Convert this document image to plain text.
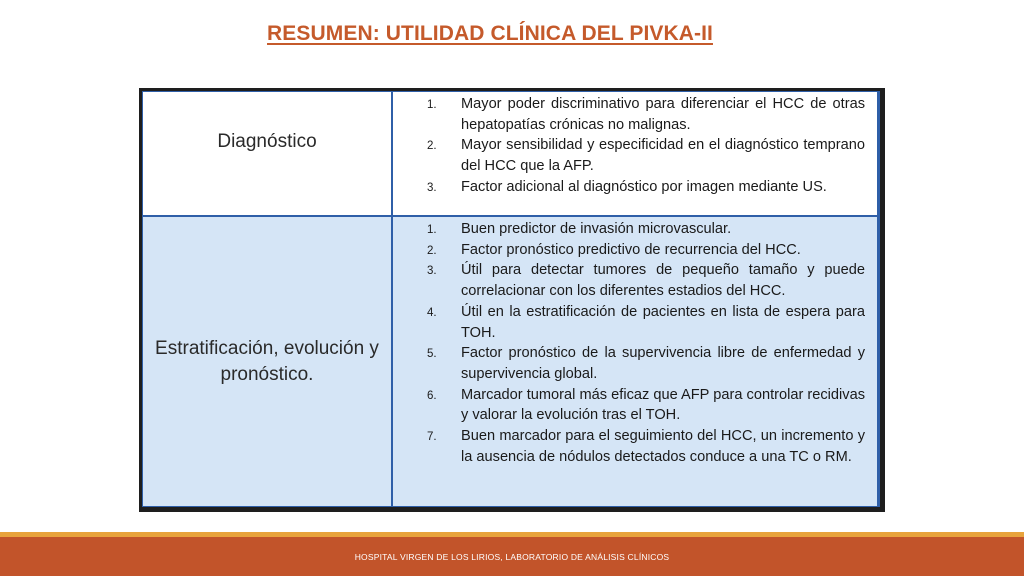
RESUMEN: UTILIDAD CLÍNICA DEL PIVKA-II
Diagnóstico
1. Mayor poder discriminativo para diferenciar el HCC de otras hepatopatías crónicas no malignas.
2. Mayor sensibilidad y especificidad en el diagnóstico temprano del HCC que la AFP.
3. Factor adicional al diagnóstico por imagen mediante US.
Estratificación, evolución y pronóstico.
1. Buen predictor de invasión microvascular.
2. Factor pronóstico predictivo de recurrencia del HCC.
3. Útil para detectar tumores de pequeño tamaño y puede correlacionar con los diferentes estadios del HCC.
4. Útil en la estratificación de pacientes en lista de espera para TOH.
5. Factor pronóstico de la supervivencia libre de enfermedad y supervivencia global.
6. Marcador tumoral más eficaz que AFP para controlar recidivas y valorar la evolución tras el TOH.
7. Buen marcador para el seguimiento del HCC, un incremento y la ausencia de nódulos detectados conduce a una TC o RM.
HOSPITAL VIRGEN DE LOS LIRIOS, LABORATORIO DE ANÁLISIS CLÍNICOS
